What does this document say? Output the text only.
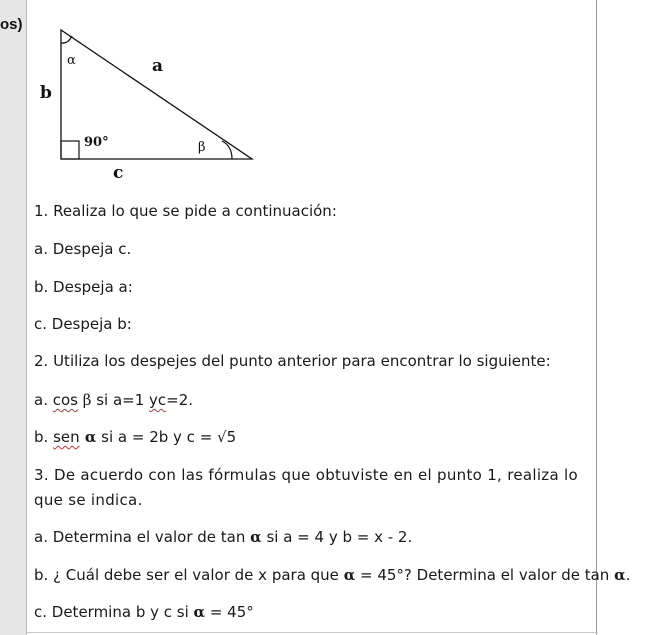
os)
α	a
b
90°	β
c
1. Realiza lo que se pide a continuación:
a. Despeja c.
b. Despeja a:
c. Despeja b:
2. Utiliza los despejes del punto anterior para encontrar lo siguiente:
a. cos β si a=1 yc=2.
b. sen α si a = 2b y c = √5
3. De acuerdo con las fórmulas que obtuviste en el punto 1, realiza lo que se indica.
a. Determina el valor de tan α si a = 4 y b = x - 2.
b. ¿ Cuál debe ser el valor de x para que α = 45°? Determina el valor de tan α.
c. Determina b y c si α = 45°
